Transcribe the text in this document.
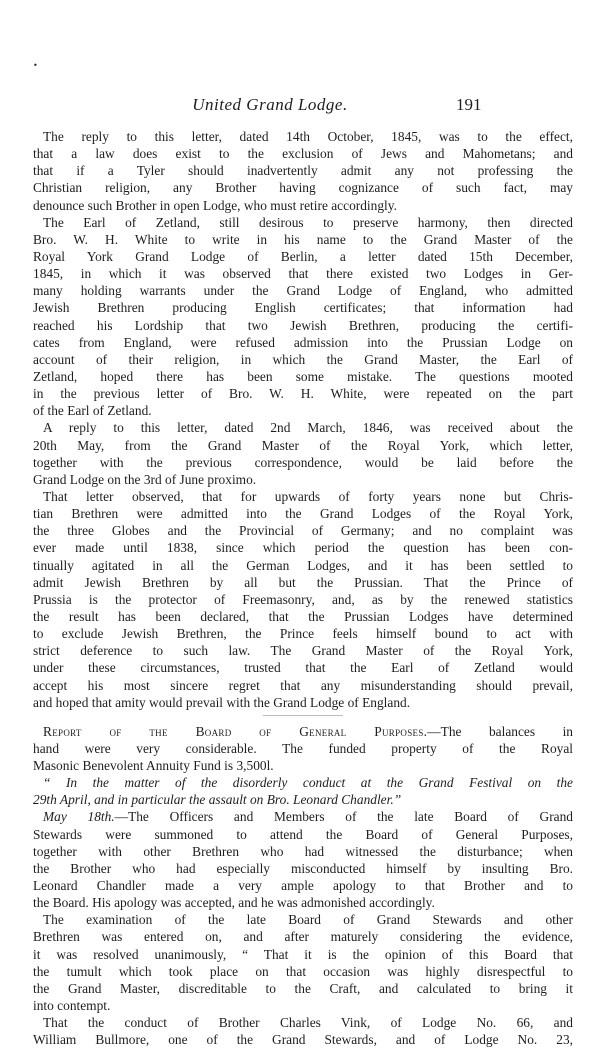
•
United Grand Lodge.	191
The reply to this letter, dated 14th October, 1845, was to the effect,
that a law does exist to the exclusion of Jews and Mahometans; and
that if a Tyler should inadvertently admit any not professing the
Christian religion, any Brother having cognizance of such fact, may
denounce such Brother in open Lodge, who must retire accordingly.
The Earl of Zetland, still desirous to preserve harmony, then directed
Bro. W. H. White to write in his name to the Grand Master of the
Royal York Grand Lodge of Berlin, a letter dated 15th December,
1845, in which it was observed that there existed two Lodges in Ger-
many holding warrants under the Grand Lodge of England, who admitted
Jewish Brethren producing English certificates; that information had
reached his Lordship that two Jewish Brethren, producing the certifi-
cates from England, were refused admission into the Prussian Lodge on
account of their religion, in which the Grand Master, the Earl of
Zetland, hoped there has been some mistake. The questions mooted
in the previous letter of Bro. W. H. White, were repeated on the part
of the Earl of Zetland.
A reply to this letter, dated 2nd March, 1846, was received about the
20th May, from the Grand Master of the Royal York, which letter,
together with the previous correspondence, would be laid before the
Grand Lodge on the 3rd of June proximo.
That letter observed, that for upwards of forty years none but Chris-
tian Brethren were admitted into the Grand Lodges of the Royal York,
the three Globes and the Provincial of Germany; and no complaint was
ever made until 1838, since which period the question has been con-
tinually agitated in all the German Lodges, and it has been settled to
admit Jewish Brethren by all but the Prussian. That the Prince of
Prussia is the protector of Freemasonry, and, as by the renewed statistics
the result has been declared, that the Prussian Lodges have determined
to exclude Jewish Brethren, the Prince feels himself bound to act with
strict deference to such law. The Grand Master of the Royal York,
under these circumstances, trusted that the Earl of Zetland would
accept his most sincere regret that any misunderstanding should prevail,
and hoped that amity would prevail with the Grand Lodge of England.
Report of the Board of General Purposes.—The balances in
hand were very considerable. The funded property of the Royal
Masonic Benevolent Annuity Fund is 3,500l.
“ In the matter of the disorderly conduct at the Grand Festival on the
29th April, and in particular the assault on Bro. Leonard Chandler.”
May 18th.—The Officers and Members of the late Board of Grand
Stewards were summoned to attend the Board of General Purposes,
together with other Brethren who had witnessed the disturbance; when
the Brother who had especially misconducted himself by insulting Bro.
Leonard Chandler made a very ample apology to that Brother and to
the Board. His apology was accepted, and he was admonished accordingly.
The examination of the late Board of Grand Stewards and other
Brethren was entered on, and after maturely considering the evidence,
it was resolved unanimously, “ That it is the opinion of this Board that
the tumult which took place on that occasion was highly disrespectful to
the Grand Master, discreditable to the Craft, and calculated to bring it
into contempt.
That the conduct of Brother Charles Vink, of Lodge No. 66, and
William Bullmore, one of the Grand Stewards, and of Lodge No. 23,
